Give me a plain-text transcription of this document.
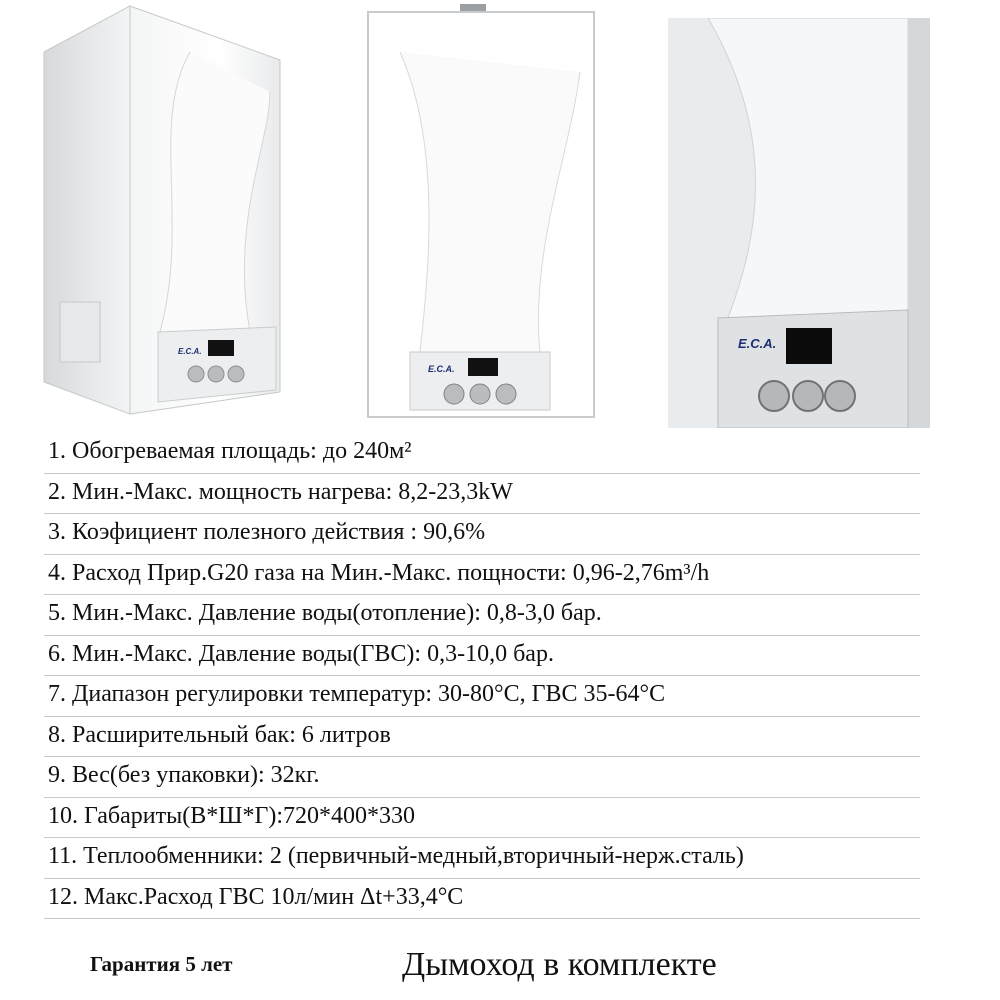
E.C.A.
E.C.A.
E.C.A.
1. Обогреваемая площадь: до 240м²
2. Мин.-Макс. мощность нагрева: 8,2-23,3kW
3. Коэфициент полезного действия : 90,6%
4. Расход Прир.G20 газа на Мин.-Макс. пощности: 0,96-2,76m³/h
5. Мин.-Макс. Давление воды(отопление): 0,8-3,0 бар.
6. Мин.-Макс. Давление воды(ГВС): 0,3-10,0 бар.
7. Диапазон регулировки температур: 30-80°C, ГВС 35-64°C
8. Расширительный бак: 6 литров
9. Вес(без упаковки): 32кг.
10. Габариты(В*Ш*Г):720*400*330
11. Теплообменники: 2 (первичный-медный,вторичный-нерж.сталь)
12. Макс.Расход ГВС 10л/мин Δt+33,4°C
Гарантия 5 лет	Дымоход в комплекте
